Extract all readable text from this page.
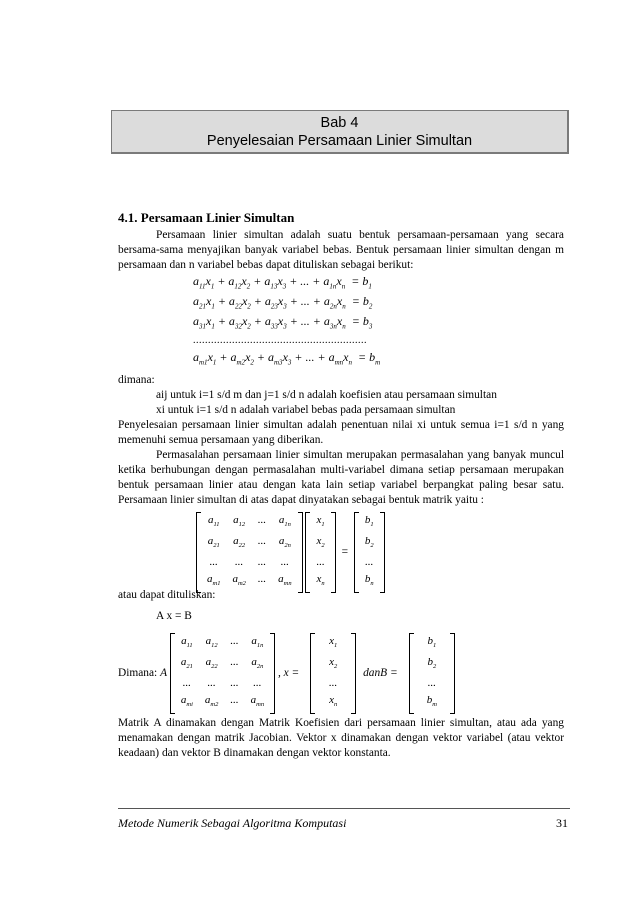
Bab 4
Penyelesaian Persamaan Linier Simultan
4.1. Persamaan Linier Simultan
Persamaan linier simultan adalah suatu bentuk persamaan-persamaan yang secara bersama-sama menyajikan banyak variabel bebas. Bentuk persamaan linier simultan dengan m persamaan dan n variabel bebas dapat dituliskan sebagai berikut:
$a_{11}x_1 + a_{12}x_2 + a_{13}x_3$ + ... + $a_{1n}x_n = b_1$
$a_{21}x_1 + a_{22}x_2 + a_{23}x_3$ + ... + $a_{2n}x_n = b_2$
$a_{31}x_1 + a_{32}x_2 + a_{33}x_3$ + ... + $a_{3n}x_n = b_3$
..........................................................
$a_{m1}x_1 + a_{m2}x_2 + a_{m3}x_3$ + ... + $a_{mn}x_n = b_m$
dimana:
aij untuk i=1 s/d m dan j=1 s/d n adalah koefisien atau persamaan simultan
xi untuk i=1 s/d n adalah variabel bebas pada persamaan simultan
Penyelesaian persamaan linier simultan adalah penentuan nilai xi untuk semua i=1 s/d n yang memenuhi semua persamaan yang diberikan.
Permasalahan persamaan linier simultan merupakan permasalahan yang banyak muncul ketika berhubungan dengan permasalahan multi-variabel dimana setiap persamaan merupakan bentuk persamaan linier atau dengan kata lain setiap variabel berpangkat paling besar satu. Persamaan linier simultan di atas dapat dinyatakan sebagai bentuk matrik yaitu :
$a_{11}$	$a_{12}$	...	$a_{1n}$
$a_{21}$	$a_{22}$	...	$a_{2n}$
...	...	...	...
$a_{m1}$	$a_{m2}$	...	$a_{mn}$

$x_1$
$x_2$
...
$x_n$
=
$b_1$
$b_2$
...
$b_n$
atau dapat dituliskan:
A x = B
Dimana: A
$a_{11}$	$a_{12}$	...	$a_{1n}$
$a_{21}$	$a_{22}$	...	$a_{2n}$
...	...	...	...
$a_{mi}$	$a_{m2}$	...	$a_{mn}$
, x =
$x_1$
$x_2$
...
$x_n$
danB =
$b_1$
$b_2$
...
$b_m$
Matrik A dinamakan dengan Matrik Koefisien dari persamaan linier simultan, atau ada yang menamakan dengan matrik Jacobian. Vektor x dinamakan dengan vektor variabel (atau vektor keadaan) dan vektor B dinamakan dengan vektor konstanta.
Metode Numerik Sebagai Algoritma Komputasi	31
